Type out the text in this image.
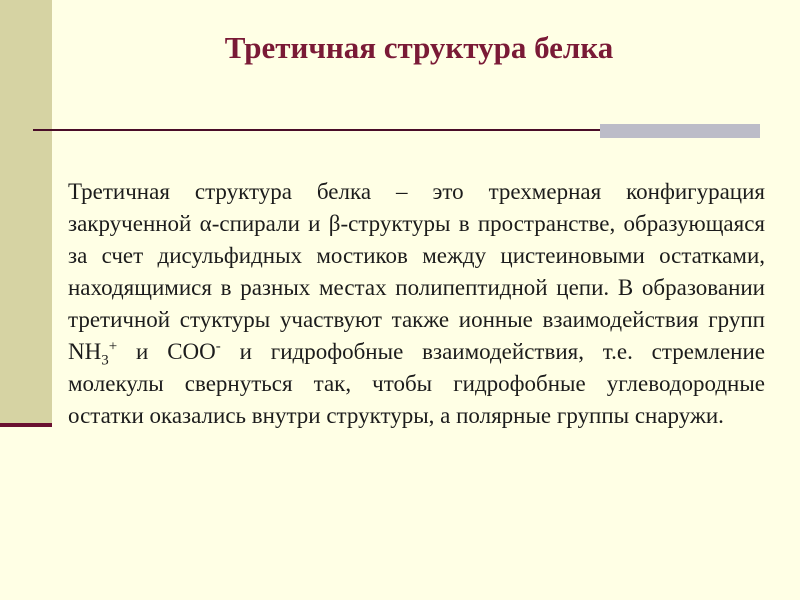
Третичная структура белка

Третичная структура белка – это трехмерная конфигурация закрученной α-спирали и β-структуры в пространстве, образующаяся за счет дисульфидных мостиков между цистеиновыми остатками, находящимися в разных местах полипептидной цепи. В образовании третичной стуктуры участвуют также ионные взаимодействия групп $NH_3^+$ и COO- и гидрофобные взаимодействия, т.е. стремление молекулы свернуться так, чтобы гидрофобные углеводородные остатки оказались внутри структуры, а полярные группы снаружи.
